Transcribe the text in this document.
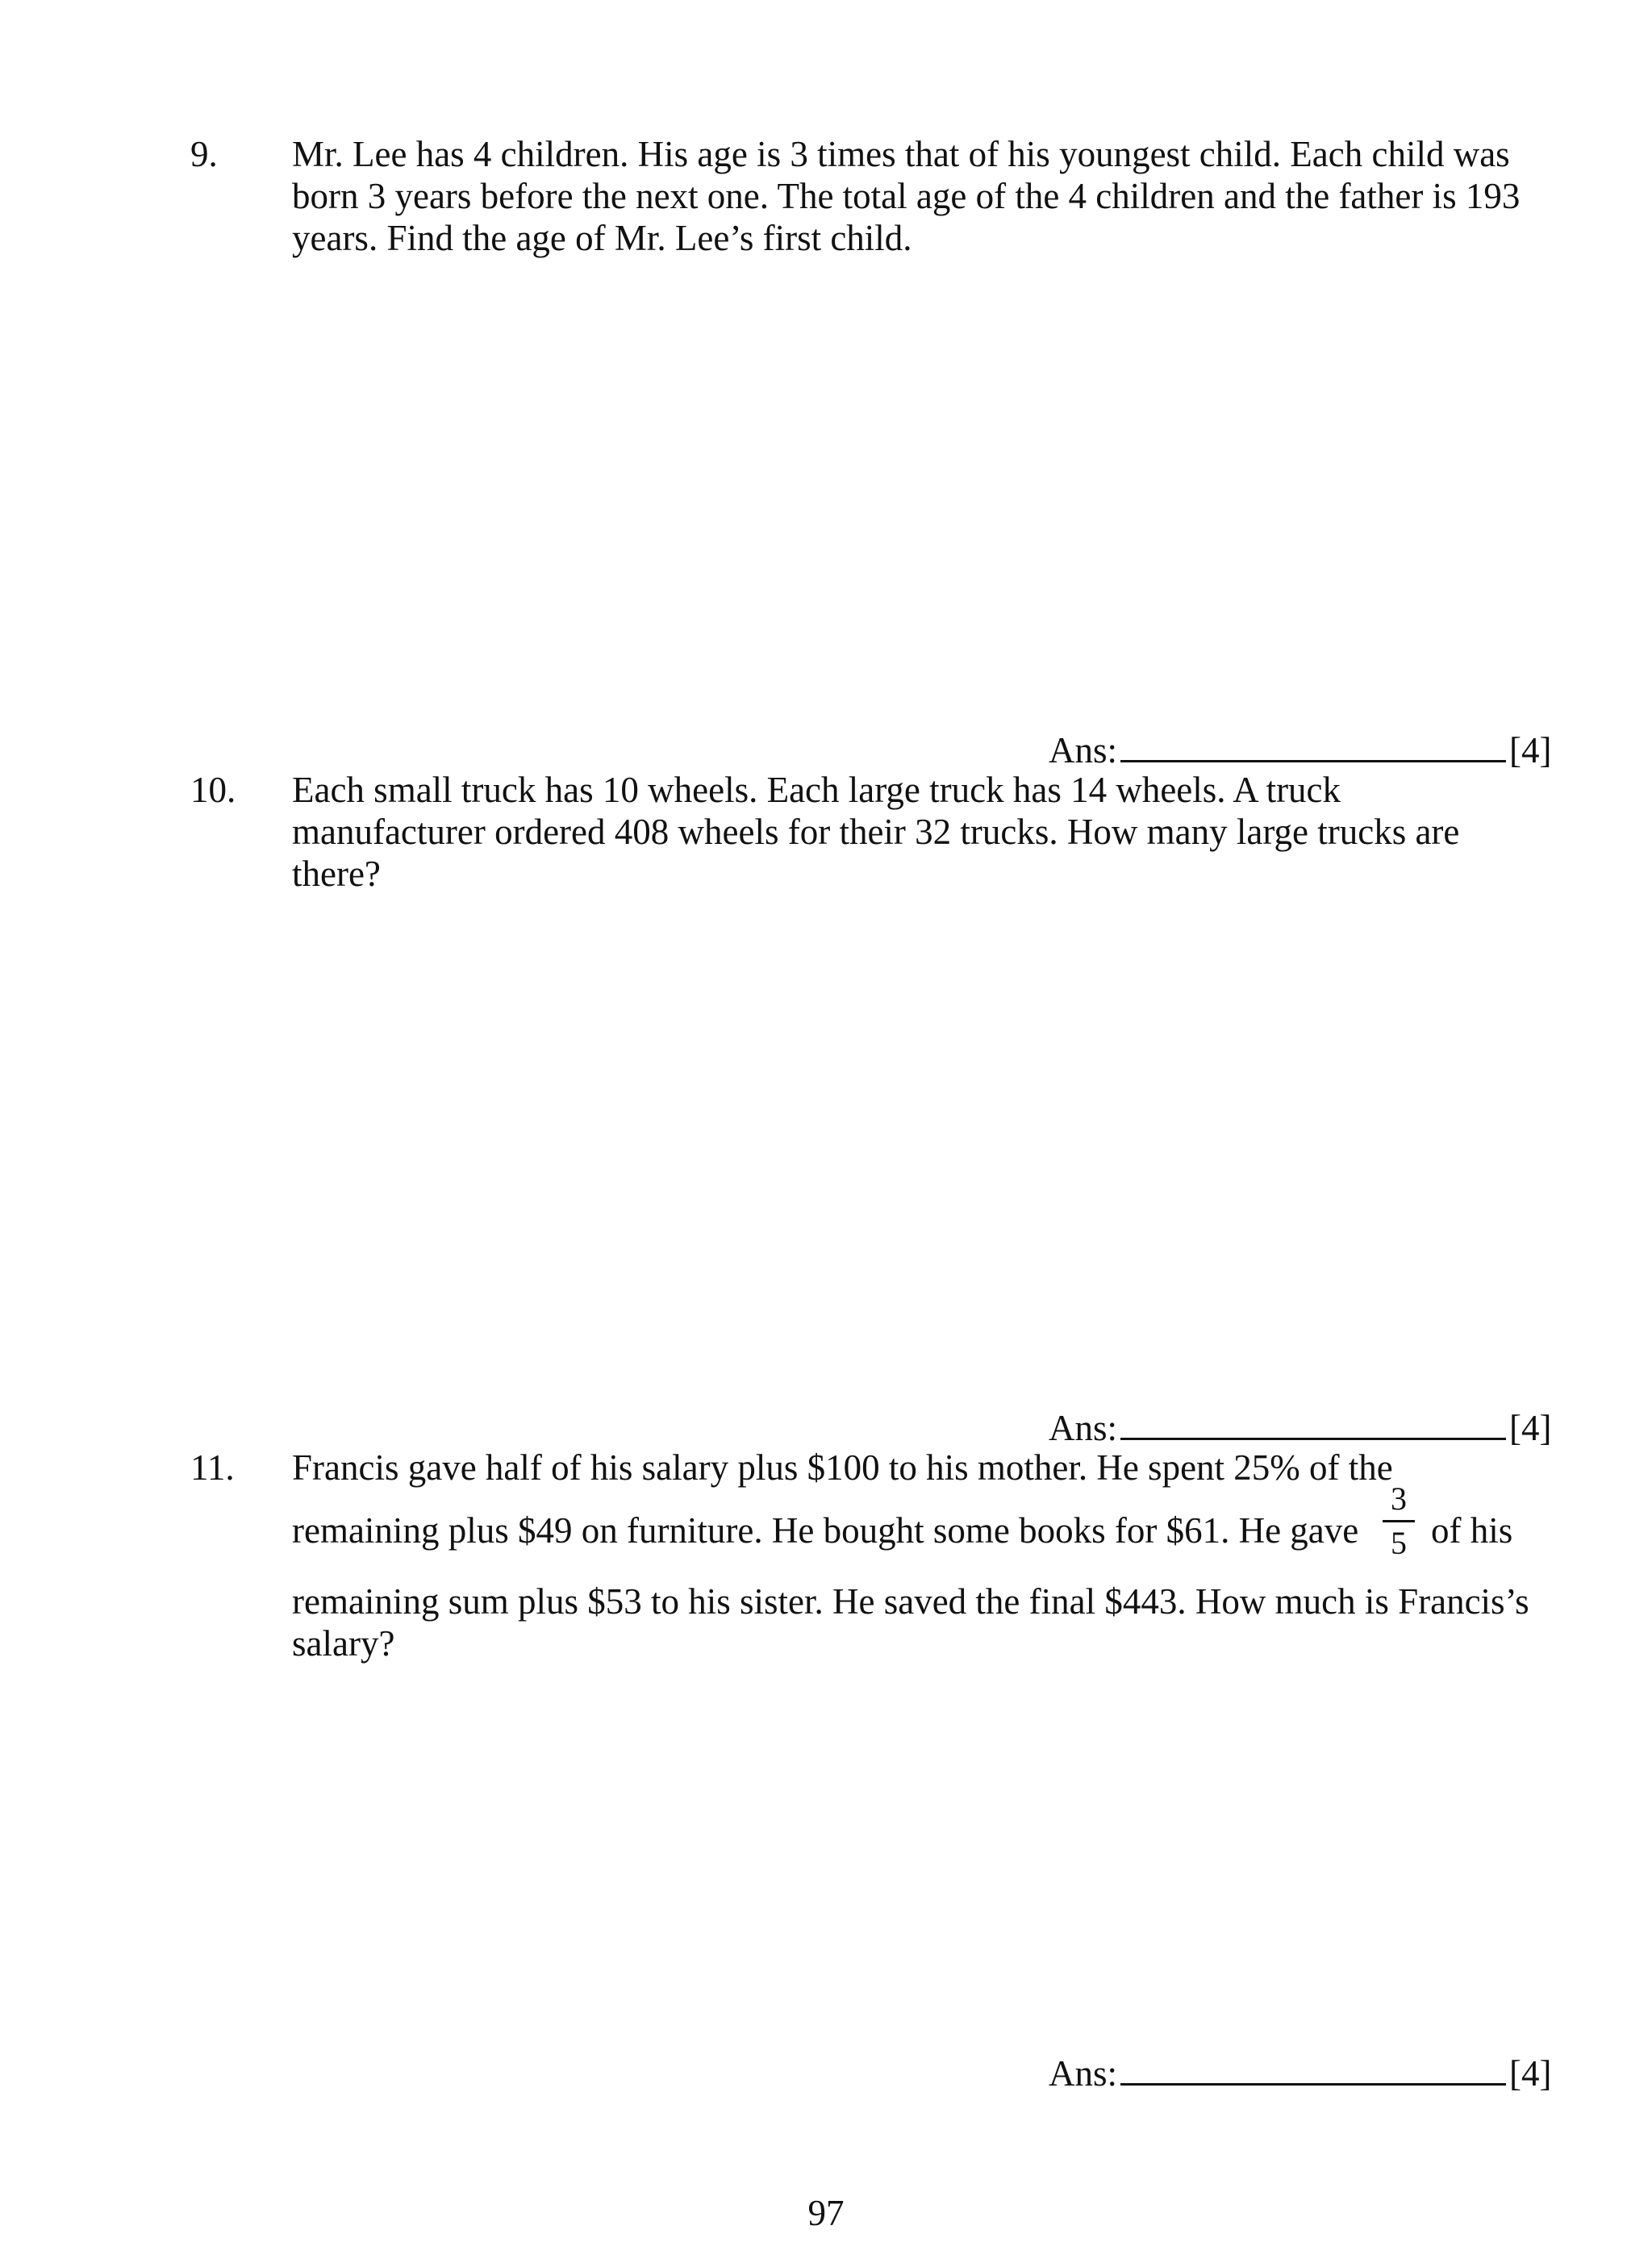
9. Mr. Lee has 4 children. His age is 3 times that of his youngest child. Each child was
born 3 years before the next one. The total age of the 4 children and the father is 193
years. Find the age of Mr. Lee’s first child.
Ans:	[4]
10. Each small truck has 10 wheels. Each large truck has 14 wheels. A truck
manufacturer ordered 408 wheels for their 32 trucks. How many large trucks are
there?
Ans:	[4]
11. Francis gave half of his salary plus $100 to his mother. He spent 25% of the
remaining plus $49 on furniture. He bought some books for $61. He gave
3
5 of his
remaining sum plus $53 to his sister. He saved the final $443. How much is Francis’s
salary?
Ans:	[4]
97
